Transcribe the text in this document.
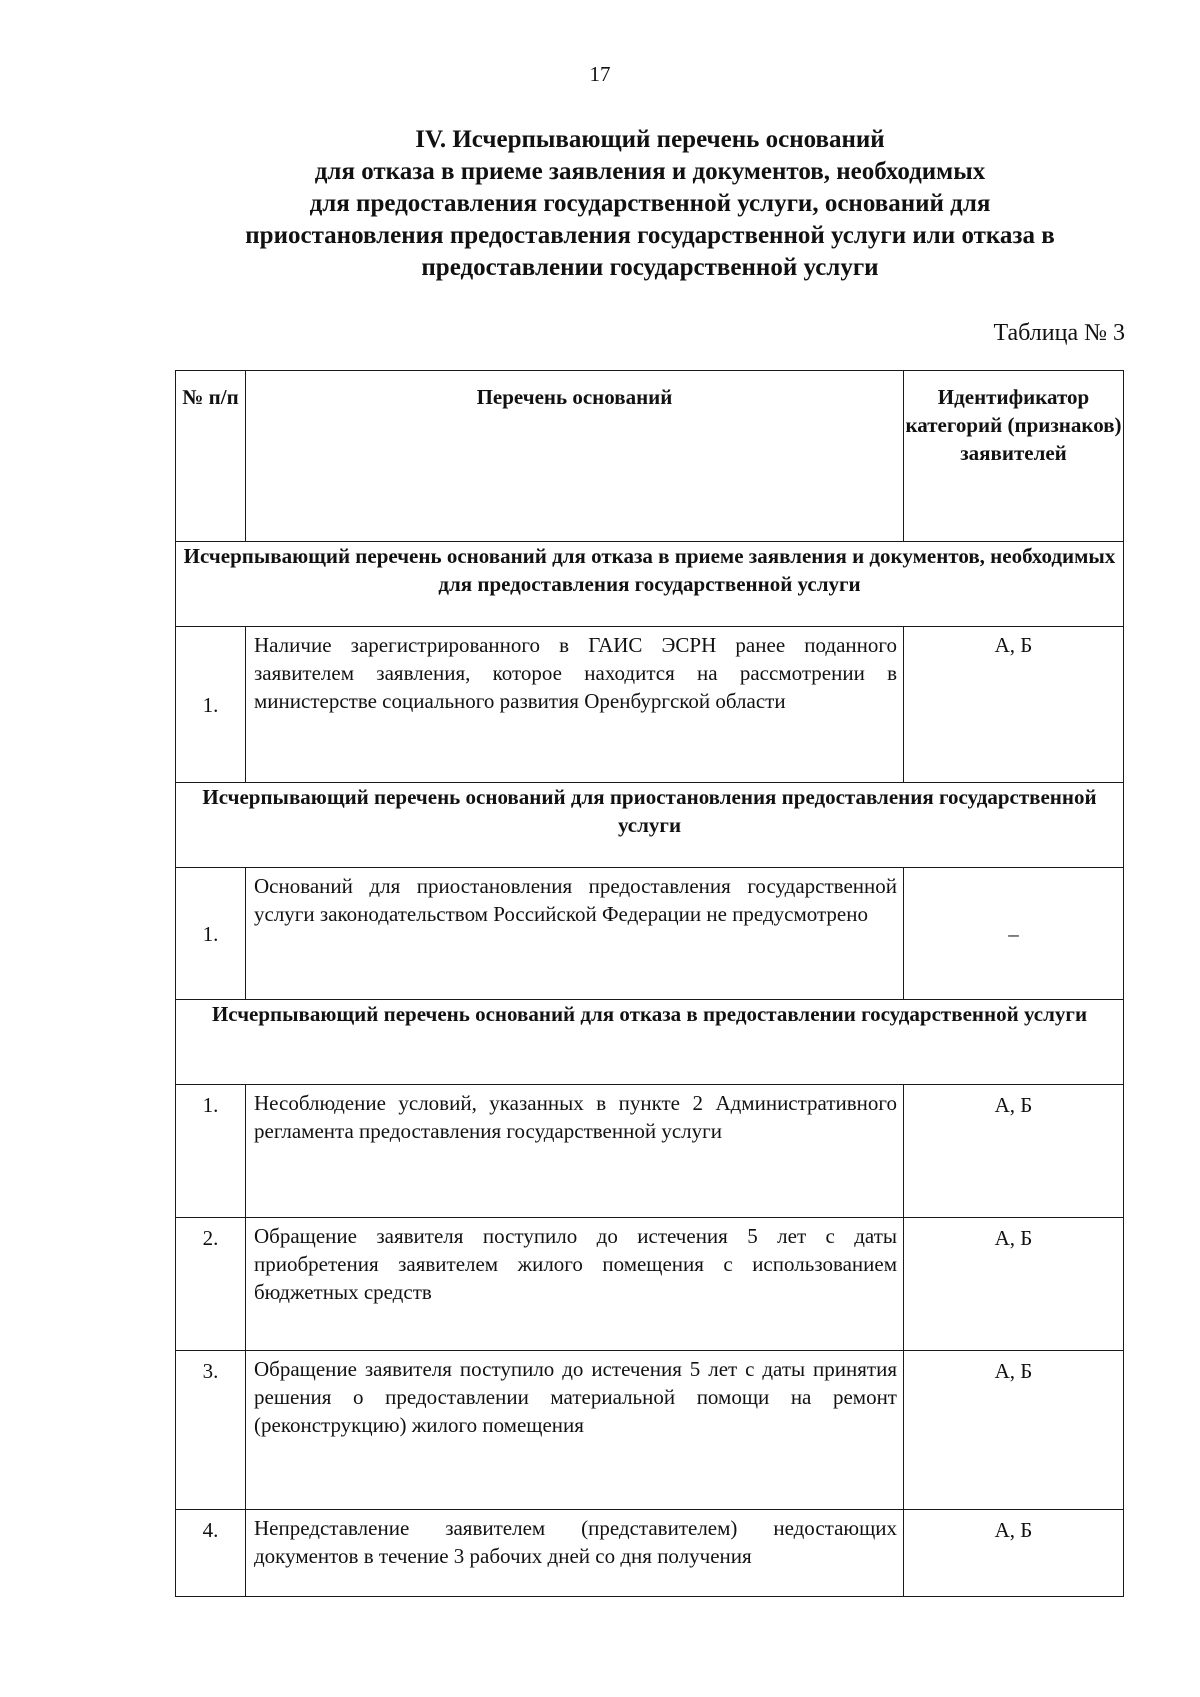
17
IV. Исчерпывающий перечень оснований
для отказа в приеме заявления и документов, необходимых
для предоставления государственной услуги, оснований для
приостановления предоставления государственной услуги или отказа в
предоставлении государственной услуги
Таблица № 3
№ п/п	Перечень оснований	Идентификатор категорий (признаков) заявителей
Исчерпывающий перечень оснований для отказа в приеме заявления и документов, необходимых для предоставления государственной услуги		
1.	Наличие зарегистрированного в ГАИС ЭСРН ранее поданного заявителем заявления, которое находится на рассмотрении в министерстве социального развития Оренбургской области	А, Б
Исчерпывающий перечень оснований для приостановления предоставления государственной услуги		
1.	Оснований для приостановления предоставления государственной услуги законодательством Российской Федерации не предусмотрено	–
Исчерпывающий перечень оснований для отказа в предоставлении государственной услуги		
1.	Несоблюдение условий, указанных в пункте 2 Административного регламента предоставления государственной услуги	А, Б
2.	Обращение заявителя поступило до истечения 5 лет с даты приобретения заявителем жилого помещения с использованием бюджетных средств	А, Б
3.	Обращение заявителя поступило до истечения 5 лет с даты принятия решения о предоставлении материальной помощи на ремонт (реконструкцию) жилого помещения	А, Б
4.	Непредставление заявителем (представителем) недостающих документов в течение 3 рабочих дней со дня получения	А, Б
